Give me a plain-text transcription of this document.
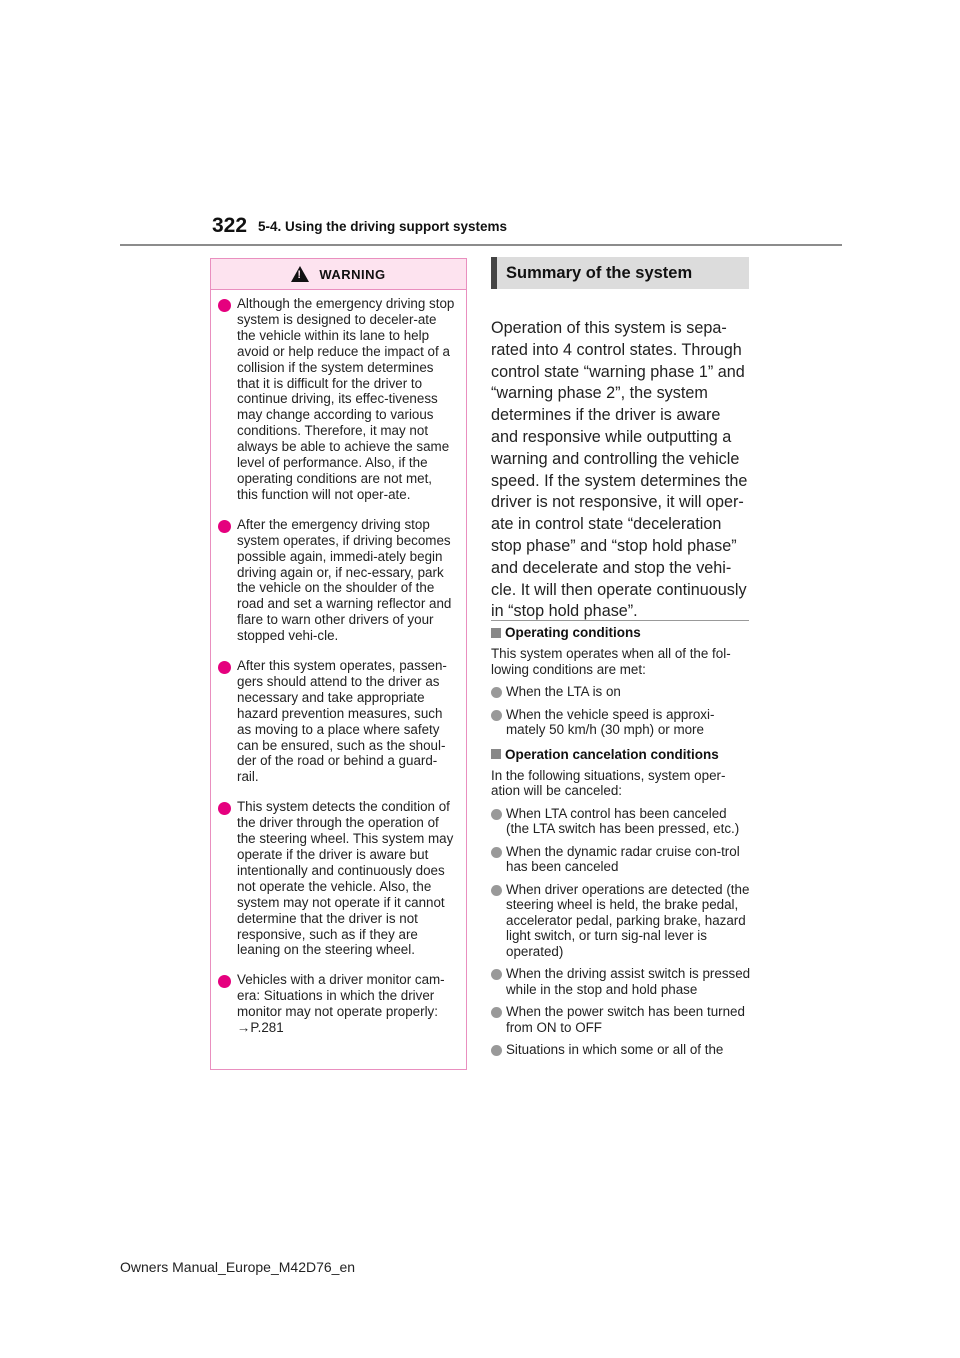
322 5-4. Using the driving support systems
!
WARNING
Although the emergency driving stop system is designed to deceler-ate the vehicle within its lane to help avoid or help reduce the impact of a collision if the system determines that it is difficult for the driver to continue driving, its effec-tiveness may change according to various conditions. Therefore, it may not always be able to achieve the same level of performance. Also, if the operating conditions are not met, this function will not oper-ate.
After the emergency driving stop system operates, if driving becomes possible again, immedi-ately begin driving again or, if nec-essary, park the vehicle on the shoulder of the road and set a warning reflector and flare to warn other drivers of your stopped vehi-cle.
After this system operates, passen-gers should attend to the driver as necessary and take appropriate hazard prevention measures, such as moving to a place where safety can be ensured, such as the shoul-der of the road or behind a guard-rail.
This system detects the condition of the driver through the operation of the steering wheel. This system may operate if the driver is aware but intentionally and continuously does not operate the vehicle. Also, the system may not operate if it cannot determine that the driver is not responsive, such as if they are leaning on the steering wheel.
Vehicles with a driver monitor cam-era: Situations in which the driver monitor may not operate properly: →P.281
Summary of the system
Operation of this system is sepa-rated into 4 control states. Through control state “warning phase 1” and “warning phase 2”, the system determines if the driver is aware and responsive while outputting a warning and controlling the vehicle speed. If the system determines the driver is not responsive, it will oper-ate in control state “deceleration stop phase” and “stop hold phase” and decelerate and stop the vehi-cle. It will then operate continuously in “stop hold phase”.
Operating conditions
This system operates when all of the fol-lowing conditions are met:
When the LTA is on
When the vehicle speed is approxi-mately 50 km/h (30 mph) or more
Operation cancelation conditions
In the following situations, system oper-ation will be canceled:
When LTA control has been canceled (the LTA switch has been pressed, etc.)
When the dynamic radar cruise con-trol has been canceled
When driver operations are detected (the steering wheel is held, the brake pedal, accelerator pedal, parking brake, hazard light switch, or turn sig-nal lever is operated)
When the driving assist switch is pressed while in the stop and hold phase
When the power switch has been turned from ON to OFF
Situations in which some or all of the
Owners Manual_Europe_M42D76_en
